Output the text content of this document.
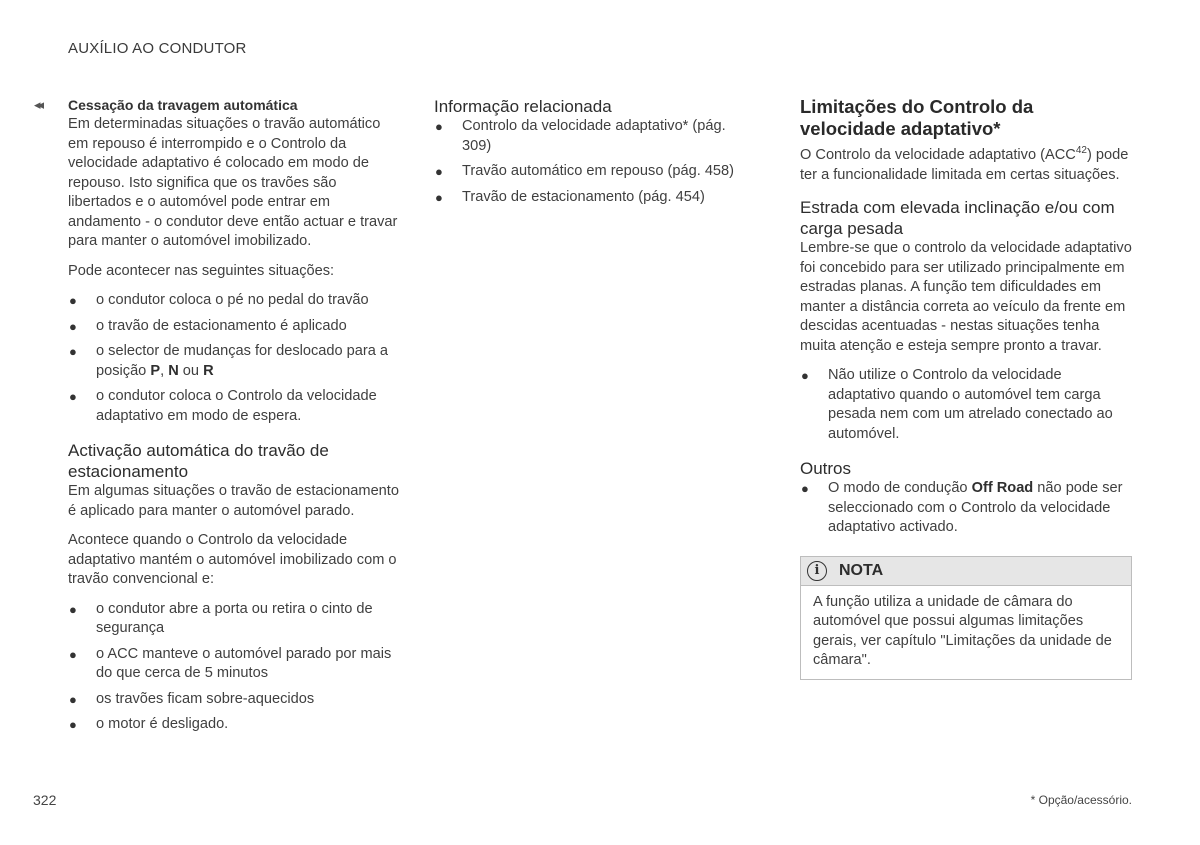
AUXÍLIO AO CONDUTOR
◂◂ Cessação da travagem automática

Em determinadas situações o travão automático em repouso é interrompido e o Controlo da velocidade adaptativo é colocado em modo de repouso. Isto significa que os travões são libertados e o automóvel pode entrar em andamento - o condutor deve então actuar e travar para manter o automóvel imobilizado.

Pode acontecer nas seguintes situações:

● o condutor coloca o pé no pedal do travão
● o travão de estacionamento é aplicado
● o selector de mudanças for deslocado para a posição P, N ou R
● o condutor coloca o Controlo da velocidade adaptativo em modo de espera.
Activação automática do travão de estacionamento

Em algumas situações o travão de estacionamento é aplicado para manter o automóvel parado.

Acontece quando o Controlo da velocidade adaptativo mantém o automóvel imobilizado com o travão convencional e:

● o condutor abre a porta ou retira o cinto de segurança
● o ACC manteve o automóvel parado por mais do que cerca de 5 minutos
● os travões ficam sobre-aquecidos
● o motor é desligado.
Informação relacionada
● Controlo da velocidade adaptativo* (pág. 309)
● Travão automático em repouso (pág. 458)
● Travão de estacionamento (pág. 454)
Limitações do Controlo da velocidade adaptativo*

O Controlo da velocidade adaptativo (ACC$^{42}$) pode ter a funcionalidade limitada em certas situações.

Estrada com elevada inclinação e/ou com carga pesada

Lembre-se que o controlo da velocidade adaptativo foi concebido para ser utilizado principalmente em estradas planas. A função tem dificuldades em manter a distância correta ao veículo da frente em descidas acentuadas - nestas situações tenha muita atenção e esteja sempre pronto a travar.

● Não utilize o Controlo da velocidade adaptativo quando o automóvel tem carga pesada nem com um atrelado conectado ao automóvel.
Outros
● O modo de condução Off Road não pode ser seleccionado com o Controlo da velocidade adaptativo activado.
i	NOTA
A função utiliza a unidade de câmara do automóvel que possui algumas limitações gerais, ver capítulo "Limitações da unidade de câmara".
322	* Opção/acessório.
